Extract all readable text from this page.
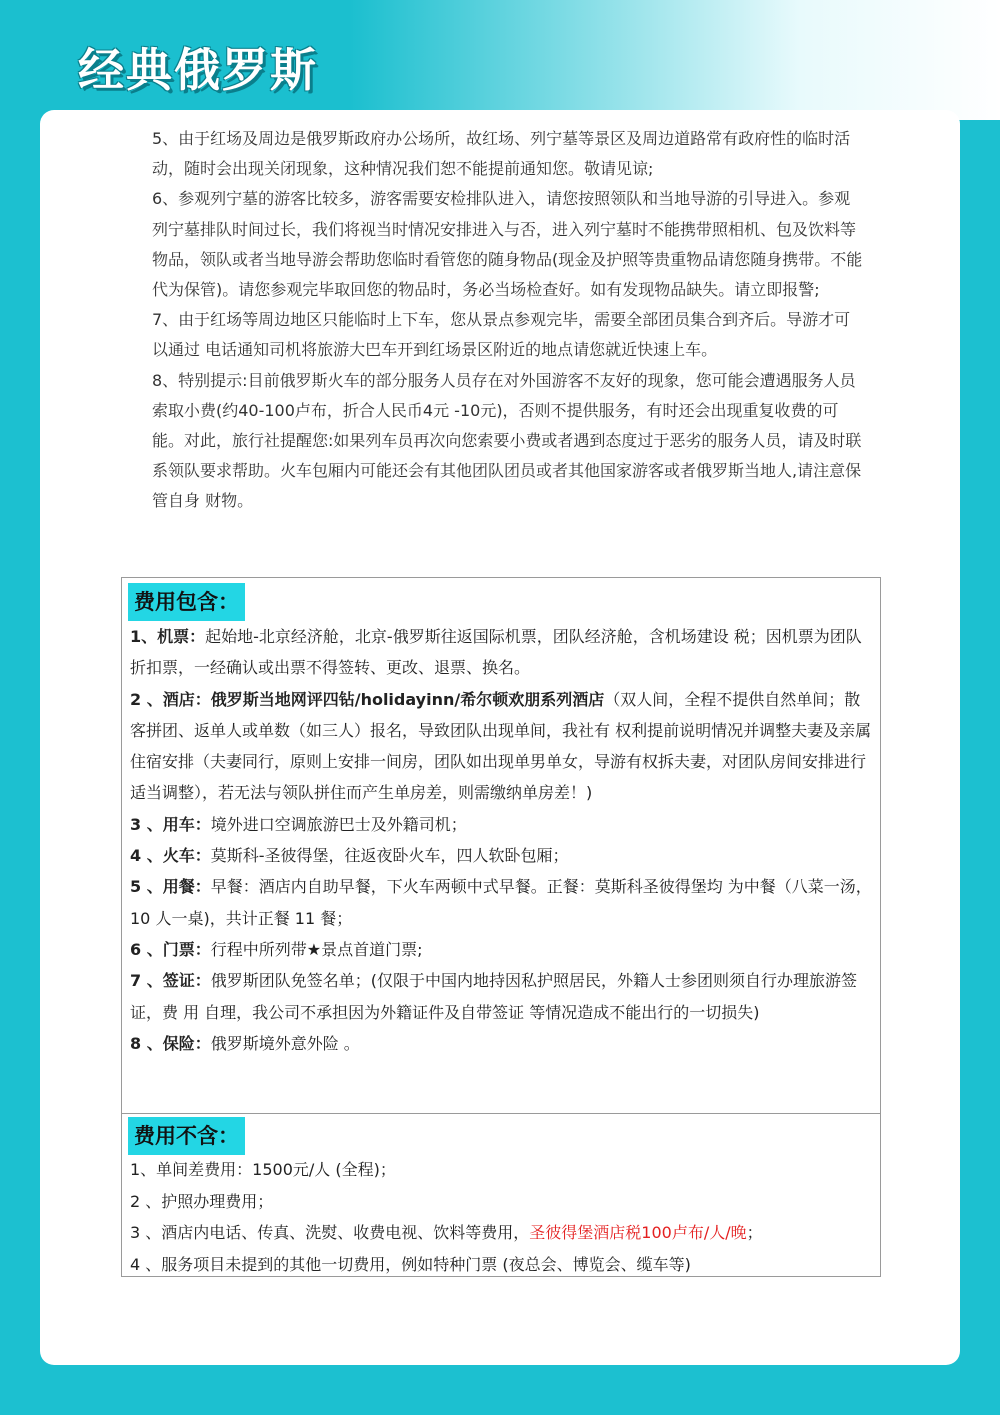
经典俄罗斯

5、由于红场及周边是俄罗斯政府办公场所，故红场、列宁墓等景区及周边道路常有政府性的临时活动，随时会出现关闭现象，这种情况我们恕不能提前通知您。敬请见谅;

6、参观列宁墓的游客比较多，游客需要安检排队进入，请您按照领队和当地导游的引导进入。参观列宁墓排队时间过长，我们将视当时情况安排进入与否，进入列宁墓时不能携带照相机、包及饮料等物品，领队或者当地导游会帮助您临时看管您的随身物品(现金及护照等贵重物品请您随身携带。不能代为保管)。请您参观完毕取回您的物品时，务必当场检查好。如有发现物品缺失。请立即报警;

7、由于红场等周边地区只能临时上下车，您从景点参观完毕，需要全部团员集合到齐后。导游才可以通过 电话通知司机将旅游大巴车开到红场景区附近的地点请您就近快速上车。

8、特别提示:目前俄罗斯火车的部分服务人员存在对外国游客不友好的现象，您可能会遭遇服务人员索取小费(约40-100卢布，折合人民币4元 -10元)，否则不提供服务，有时还会出现重复收费的可能。对此，旅行社提醒您:如果列车员再次向您索要小费或者遇到态度过于恶劣的服务人员，请及时联系领队要求帮助。火车包厢内可能还会有其他团队团员或者其他国家游客或者俄罗斯当地人,请注意保管自身 财物。

费用包含：

1、机票：起始地-北京经济舱，北京-俄罗斯往返国际机票，团队经济舱，含机场建设 税；因机票为团队折扣票，一经确认或出票不得签转、更改、退票、换名。

2 、酒店：俄罗斯当地网评四钻/holidayinn/希尔顿欢朋系列酒店（双人间，全程不提供自然单间；散客拼团、返单人或单数（如三人）报名，导致团队出现单间，我社有 权利提前说明情况并调整夫妻及亲属住宿安排（夫妻同行，原则上安排一间房，团队如出现单男单女，导游有权拆夫妻，对团队房间安排进行适当调整），若无法与领队拼住而产生单房差，则需缴纳单房差！)

3 、用车：境外进口空调旅游巴士及外籍司机；

4 、火车：莫斯科-圣彼得堡，往返夜卧火车，四人软卧包厢；

5 、用餐：早餐：酒店内自助早餐，下火车两顿中式早餐。正餐：莫斯科圣彼得堡均 为中餐（八菜一汤， 10 人一桌)，共计正餐 11 餐；

6 、门票：行程中所列带★景点首道门票;

7 、签证：俄罗斯团队免签名单；(仅限于中国内地持因私护照居民，外籍人士参团则须自行办理旅游签证，费 用 自理，我公司不承担因为外籍证件及自带签证 等情况造成不能出行的一切损失)

8 、保险：俄罗斯境外意外险 。

费用不含：

1、单间差费用：1500元/人 (全程)；

2 、护照办理费用；

3 、酒店内电话、传真、洗熨、收费电视、饮料等费用，圣彼得堡酒店税100卢布/人/晚；

4 、服务项目未提到的其他一切费用，例如特种门票 (夜总会、博览会、缆车等)
